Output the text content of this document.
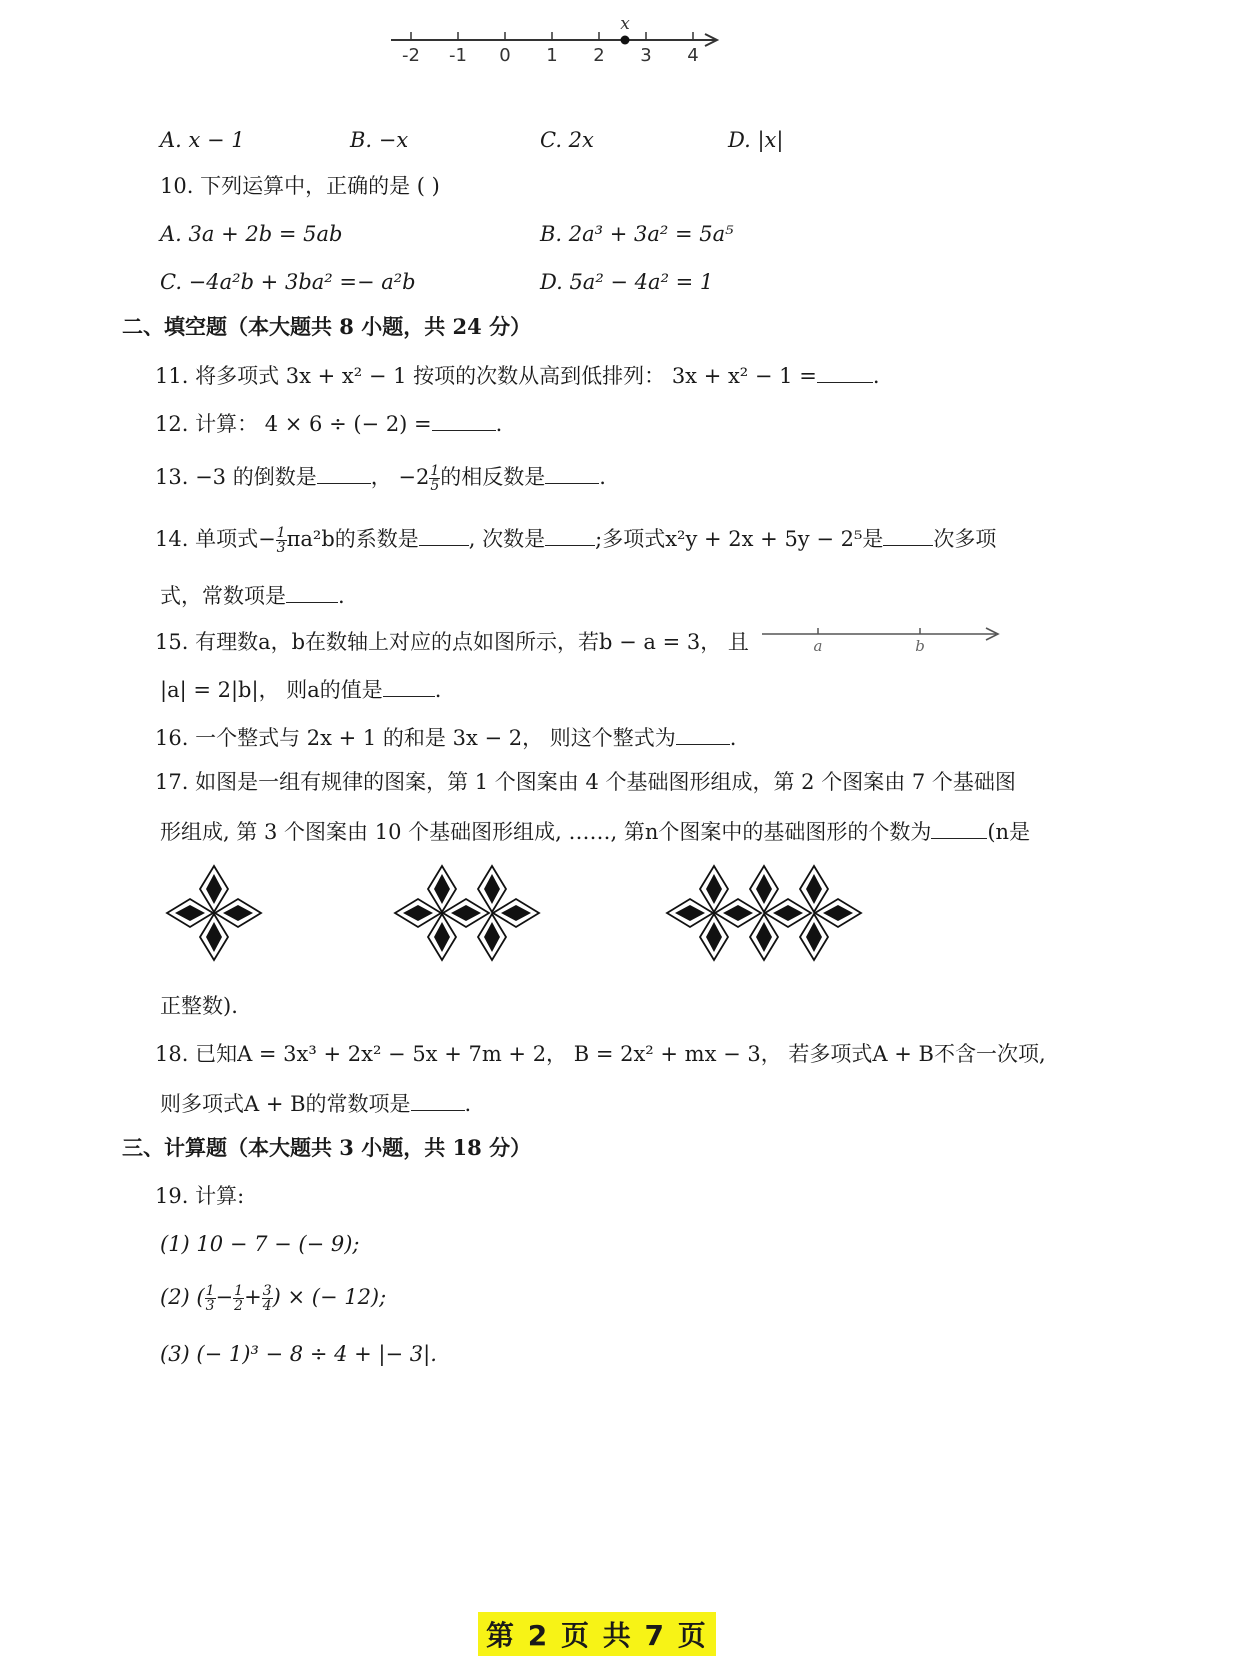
-2 -1 0 1 2 3 4
x
A. x − 1	B. −x	C. 2x	D. |x|
10. 下列运算中，正确的是 ( )
A. 3a + 2b = 5ab	B. 2a³ + 3a² = 5a⁵
C. −4a²b + 3ba² =− a²b	D. 5a² − 4a² = 1
二、填空题（本大题共 8 小题，共 24 分）
11. 将多项式 3x + x² − 1 按项的次数从高到低排列： 3x + x² − 1 =	.
12. 计算： 4 × 6 ÷ (− 2) =	.
13. −3 的倒数是	， $-2 \frac{1}{5}$ 的相反数是	.
14. 单项式− $\frac{1}{3} \pi a^2b$的系数是 , 次数是 ;多项式x²y + 2x + 5y − 2⁵是 次多项
式，常数项是 .
15. 有理数a，b在数轴上对应的点如图所示，若b − a = 3， 且	a	b
|a| = 2|b|， 则a的值是 .
16. 一个整式与 2x + 1 的和是 3x − 2， 则这个整式为	.
17. 如图是一组有规律的图案，第 1 个图案由 4 个基础图形组成，第 2 个图案由 7 个基础图
形组成, 第 3 个图案由 10 个基础图形组成, ……, 第n个图案中的基础图形的个数为	(n是
正整数).
18. 已知A = 3x³ + 2x² − 5x + 7m + 2， B = 2x² + mx − 3， 若多项式A + B不含一次项,
则多项式A + B的常数项是	.
三、计算题（本大题共 3 小题，共 18 分）
19. 计算:
(1) 10 − 7 − (− 9);
(2) ( $\frac{1}{3} - \frac{1}{2} + \frac{3}{4}$ ) × (− 12);
(3) (− 1)³ − 8 ÷ 4 + |− 3|.
第 2 页 共 7 页
